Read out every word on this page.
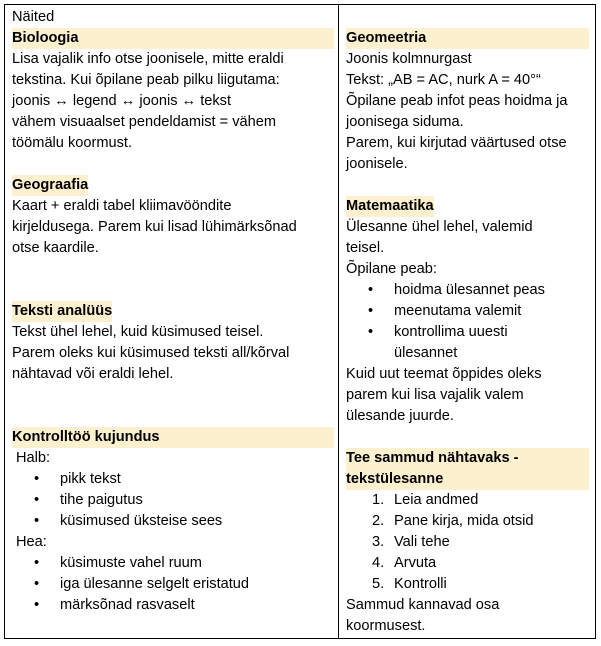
Näited
Bioloogia
Lisa vajalik info otse joonisele, mitte eraldi
tekstina. Kui õpilane peab pilku liigutama:
joonis ↔ legend ↔ joonis ↔ tekst
vähem visuaalset pendeldamist = vähem
töömälu koormust.
Geograafia
Kaart + eraldi tabel kliimavööndite
kirjeldusega. Parem kui lisad lühimärksõnad
otse kaardile.
Teksti analüüs
Tekst ühel lehel, kuid küsimused teisel.
Parem oleks kui küsimused teksti all/kõrval
nähtavad või eraldi lehel.
Kontrolltöö kujundus
Halb:
• pikk tekst
• tihe paigutus
• küsimused üksteise sees
Hea:
• küsimuste vahel ruum
• iga ülesanne selgelt eristatud
• märksõnad rasvaselt
Geomeetria
Joonis kolmnurgast
Tekst: „AB = AC, nurk A = 40°“
Õpilane peab infot peas hoidma ja
joonisega siduma.
Parem, kui kirjutad väärtused otse
joonisele.
Matemaatika
Ülesanne ühel lehel, valemid
teisel.
Õpilane peab:
• hoidma ülesannet peas
• meenutama valemit
• kontrollima uuesti
ülesannet
Kuid uut teemat õppides oleks
parem kui lisa vajalik valem
ülesande juurde.
Tee sammud nähtavaks -
tekstülesanne
1. Leia andmed
2. Pane kirja, mida otsid
3. Vali tehe
4. Arvuta
5. Kontrolli
Sammud kannavad osa
koormusest.
